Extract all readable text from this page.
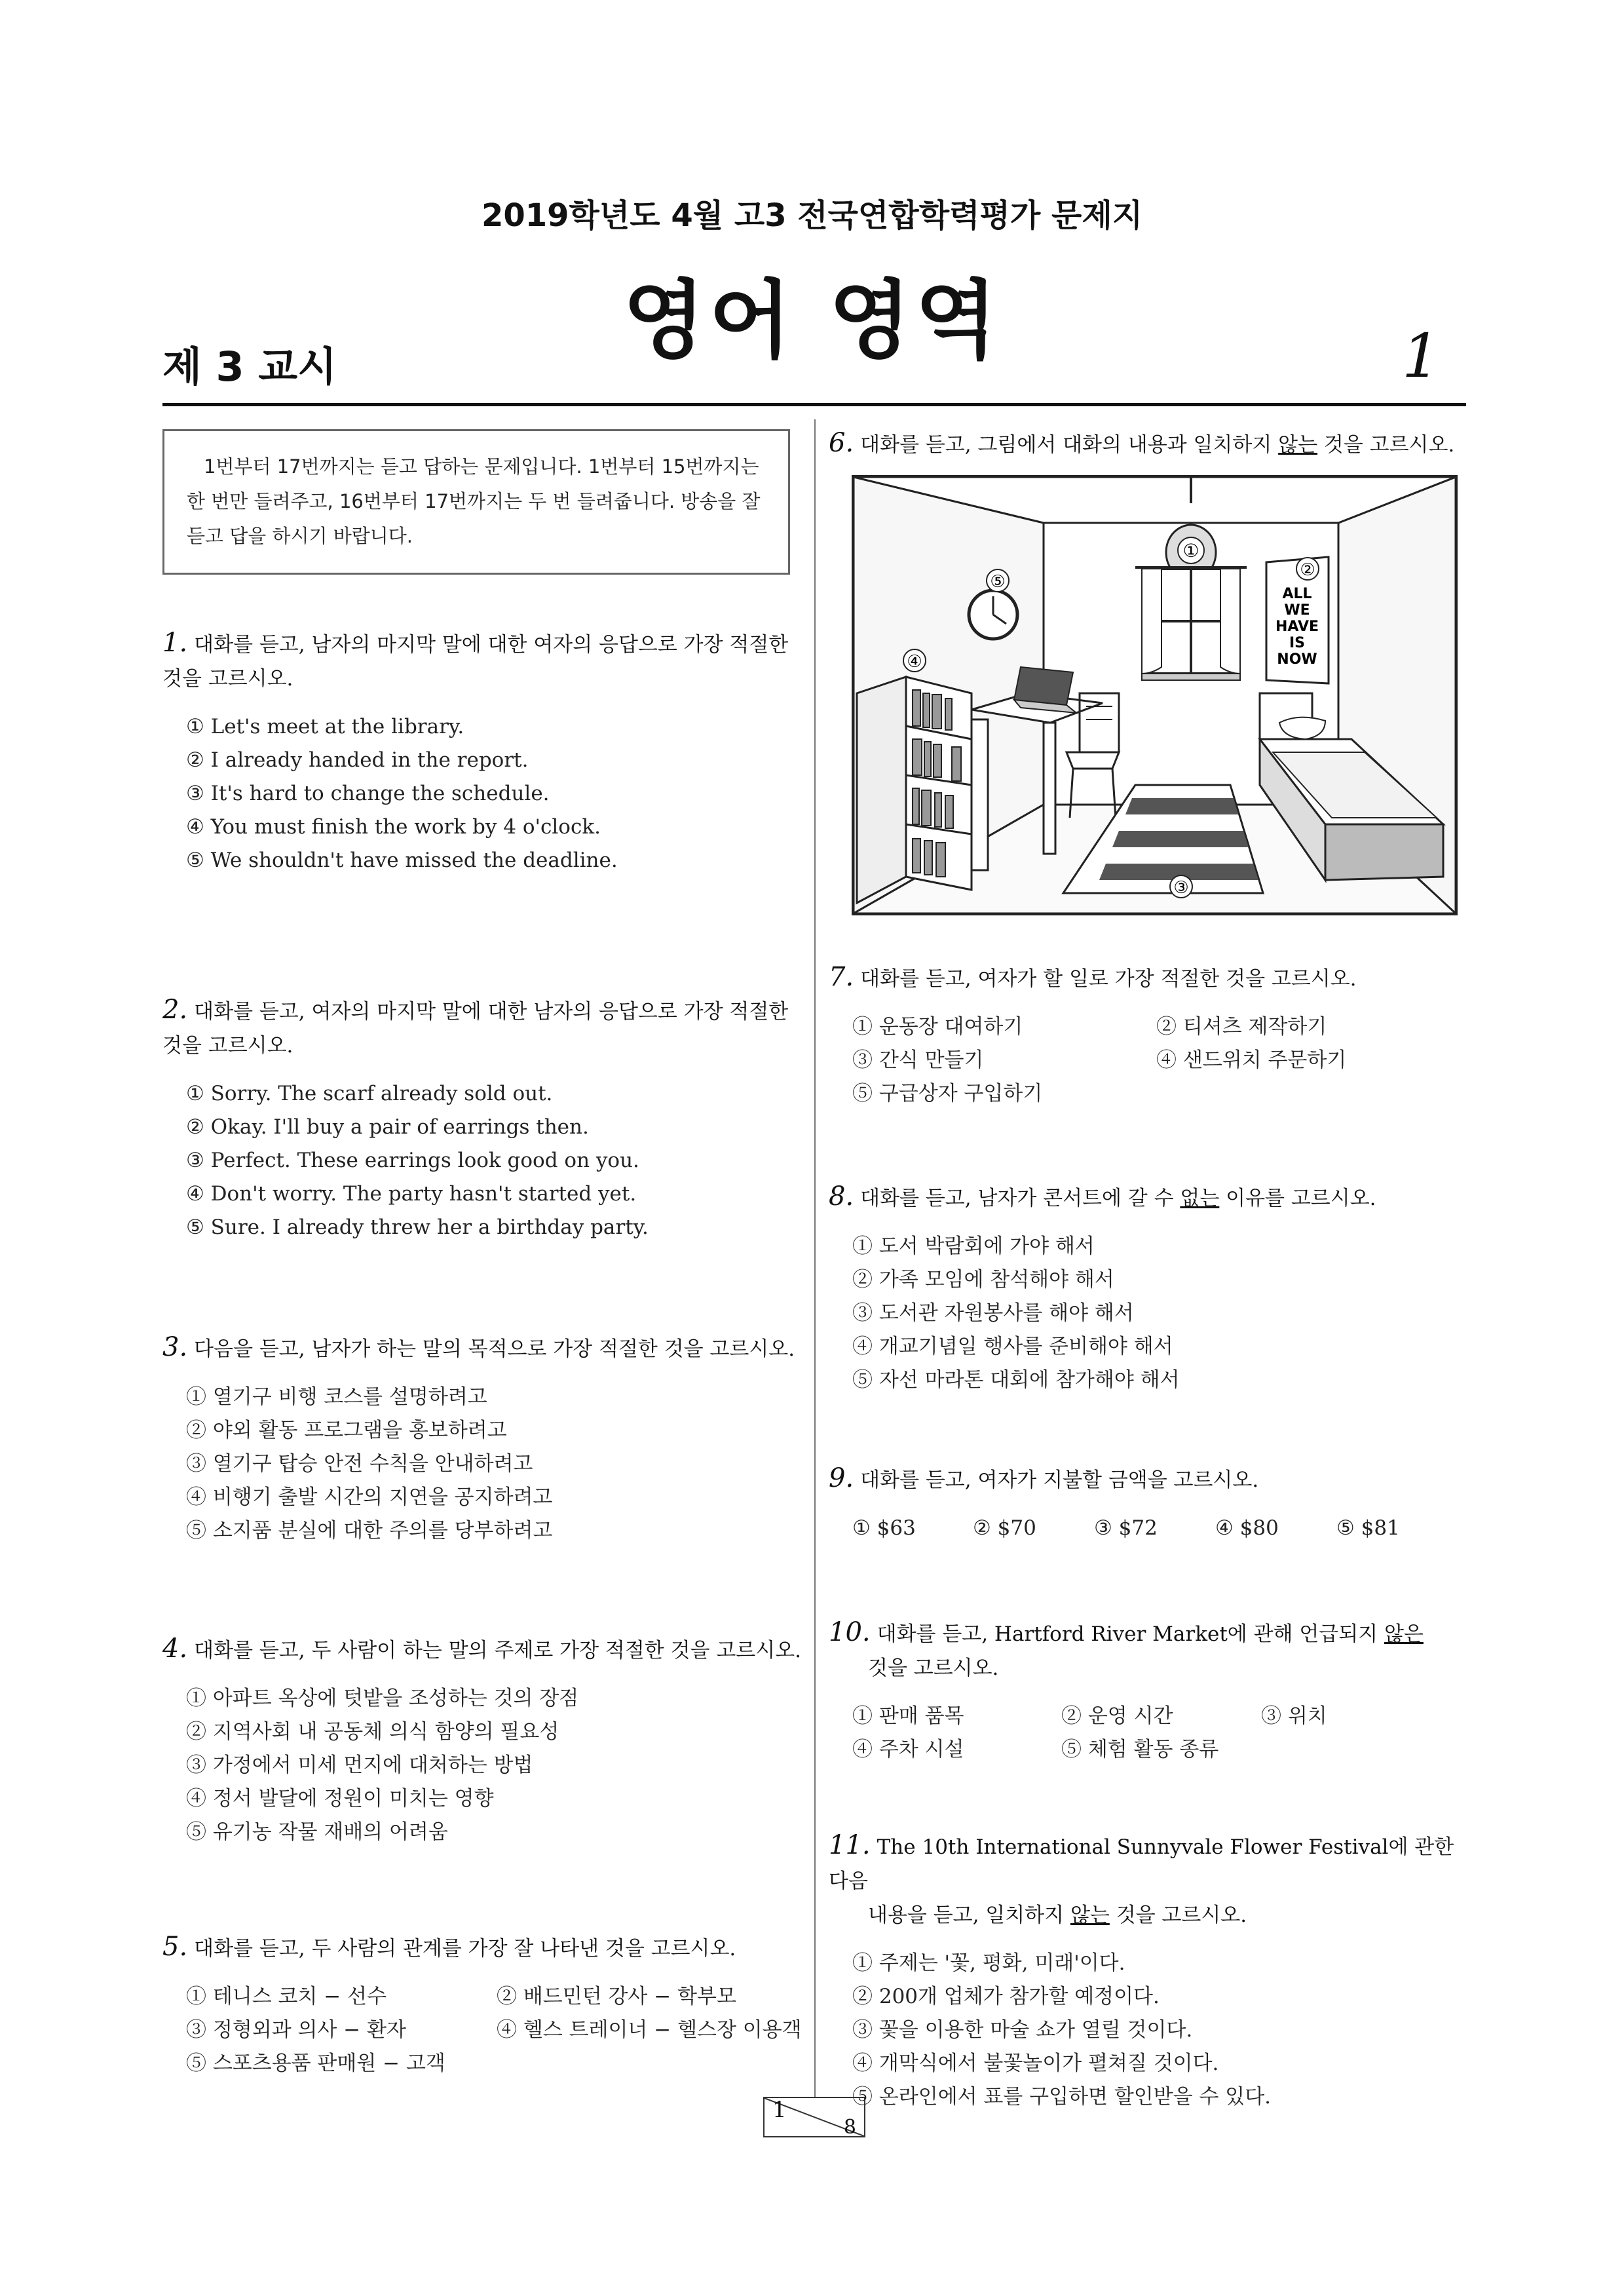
2019학년도 4월 고3 전국연합학력평가 문제지
영어 영역
제 3 교시	1
1번부터 17번까지는 듣고 답하는 문제입니다. 1번부터 15번까지는 한 번만 들려주고, 16번부터 17번까지는 두 번 들려줍니다. 방송을 잘 듣고 답을 하시기 바랍니다.
1. 대화를 듣고, 남자의 마지막 말에 대한 여자의 응답으로 가장 적절한 것을 고르시오.
① Let's meet at the library.
② I already handed in the report.
③ It's hard to change the schedule.
④ You must finish the work by 4 o'clock.
⑤ We shouldn't have missed the deadline.
2. 대화를 듣고, 여자의 마지막 말에 대한 남자의 응답으로 가장 적절한 것을 고르시오.
① Sorry. The scarf already sold out.
② Okay. I'll buy a pair of earrings then.
③ Perfect. These earrings look good on you.
④ Don't worry. The party hasn't started yet.
⑤ Sure. I already threw her a birthday party.
3. 다음을 듣고, 남자가 하는 말의 목적으로 가장 적절한 것을 고르시오.
① 열기구 비행 코스를 설명하려고
② 야외 활동 프로그램을 홍보하려고
③ 열기구 탑승 안전 수칙을 안내하려고
④ 비행기 출발 시간의 지연을 공지하려고
⑤ 소지품 분실에 대한 주의를 당부하려고
4. 대화를 듣고, 두 사람이 하는 말의 주제로 가장 적절한 것을 고르시오.
① 아파트 옥상에 텃밭을 조성하는 것의 장점
② 지역사회 내 공동체 의식 함양의 필요성
③ 가정에서 미세 먼지에 대처하는 방법
④ 정서 발달에 정원이 미치는 영향
⑤ 유기농 작물 재배의 어려움
5. 대화를 듣고, 두 사람의 관계를 가장 잘 나타낸 것을 고르시오.
① 테니스 코치 − 선수	② 배드민턴 강사 − 학부모
③ 정형외과 의사 − 환자	④ 헬스 트레이너 − 헬스장 이용객
⑤ 스포츠용품 판매원 − 고객
6. 대화를 듣고, 그림에서 대화의 내용과 일치하지 않는 것을 고르시오.
①
⑤
②
ALL
WE
HAVE
IS
NOW
④
③
7. 대화를 듣고, 여자가 할 일로 가장 적절한 것을 고르시오.
① 운동장 대여하기	② 티셔츠 제작하기
③ 간식 만들기	④ 샌드위치 주문하기
⑤ 구급상자 구입하기
8. 대화를 듣고, 남자가 콘서트에 갈 수 없는 이유를 고르시오.
① 도서 박람회에 가야 해서
② 가족 모임에 참석해야 해서
③ 도서관 자원봉사를 해야 해서
④ 개교기념일 행사를 준비해야 해서
⑤ 자선 마라톤 대회에 참가해야 해서
9. 대화를 듣고, 여자가 지불할 금액을 고르시오.
① $63	② $70	③ $72	④ $80	⑤ $81
10. 대화를 듣고, Hartford River Market에 관해 언급되지 않은
것을 고르시오.
① 판매 품목	② 운영 시간	③ 위치
④ 주차 시설	⑤ 체험 활동 종류
11. The 10th International Sunnyvale Flower Festival에 관한 다음
내용을 듣고, 일치하지 않는 것을 고르시오.
① 주제는 '꽃, 평화, 미래'이다.
② 200개 업체가 참가할 예정이다.
③ 꽃을 이용한 마술 쇼가 열릴 것이다.
④ 개막식에서 불꽃놀이가 펼쳐질 것이다.
⑤ 온라인에서 표를 구입하면 할인받을 수 있다.
1
8
